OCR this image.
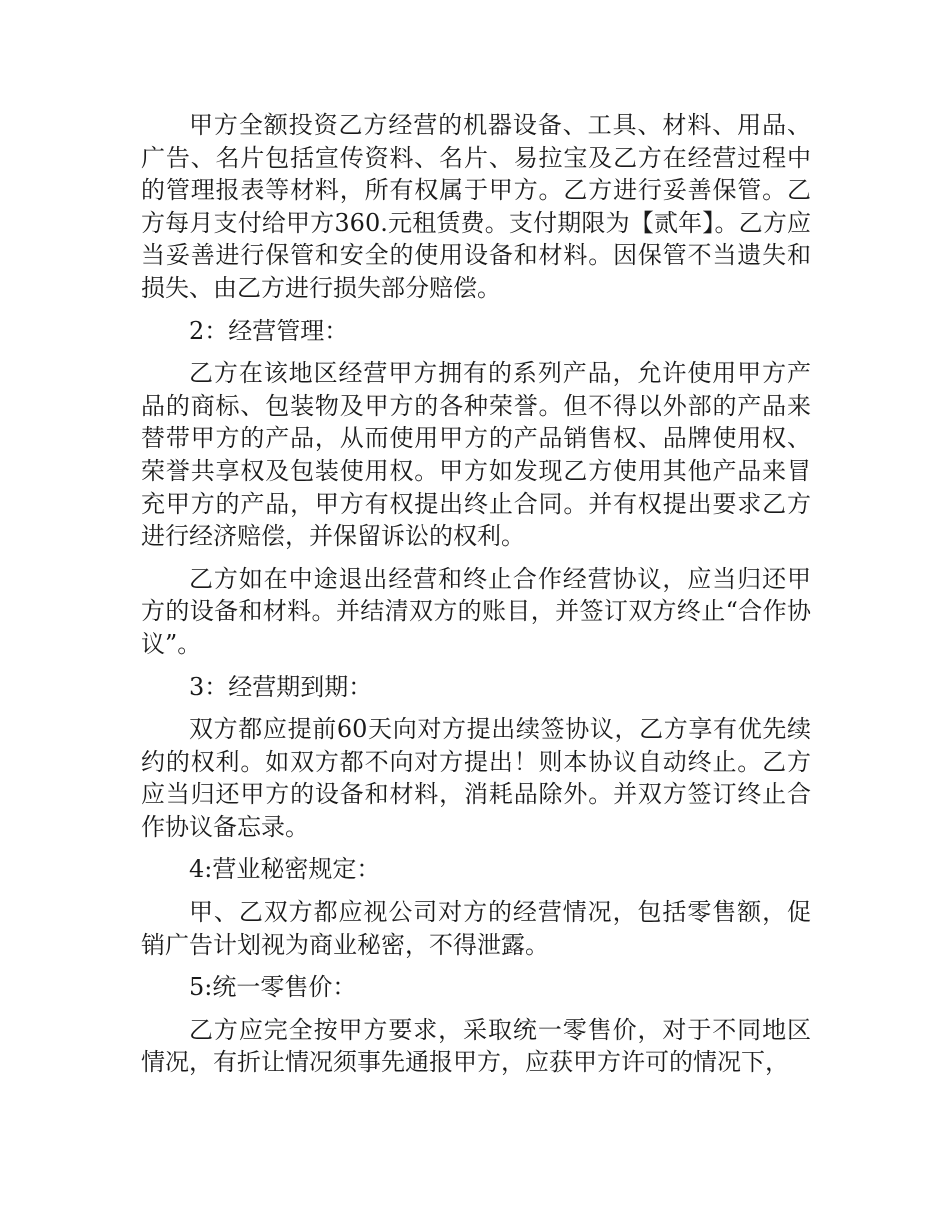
甲方全额投资乙方经营的机器设备、工具、材料、用品、广告、名片包括宣传资料、名片、易拉宝及乙方在经营过程中的管理报表等材料，所有权属于甲方。乙方进行妥善保管。乙方每月支付给甲方360.元租赁费。支付期限为【贰年】。乙方应当妥善进行保管和安全的使用设备和材料。因保管不当遗失和损失、由乙方进行损失部分赔偿。

2：经营管理：

乙方在该地区经营甲方拥有的系列产品，允许使用甲方产品的商标、包装物及甲方的各种荣誉。但不得以外部的产品来替带甲方的产品，从而使用甲方的产品销售权、品牌使用权、荣誉共享权及包装使用权。甲方如发现乙方使用其他产品来冒充甲方的产品，甲方有权提出终止合同。并有权提出要求乙方进行经济赔偿，并保留诉讼的权利。

乙方如在中途退出经营和终止合作经营协议，应当归还甲方的设备和材料。并结清双方的账目，并签订双方终止“合作协议”。

3：经营期到期：

双方都应提前60天向对方提出续签协议，乙方享有优先续约的权利。如双方都不向对方提出！则本协议自动终止。乙方应当归还甲方的设备和材料，消耗品除外。并双方签订终止合作协议备忘录。

4:营业秘密规定：

甲、乙双方都应视公司对方的经营情况，包括零售额，促销广告计划视为商业秘密，不得泄露。

5:统一零售价：

乙方应完全按甲方要求，采取统一零售价，对于不同地区情况，有折让情况须事先通报甲方，应获甲方许可的情况下，
